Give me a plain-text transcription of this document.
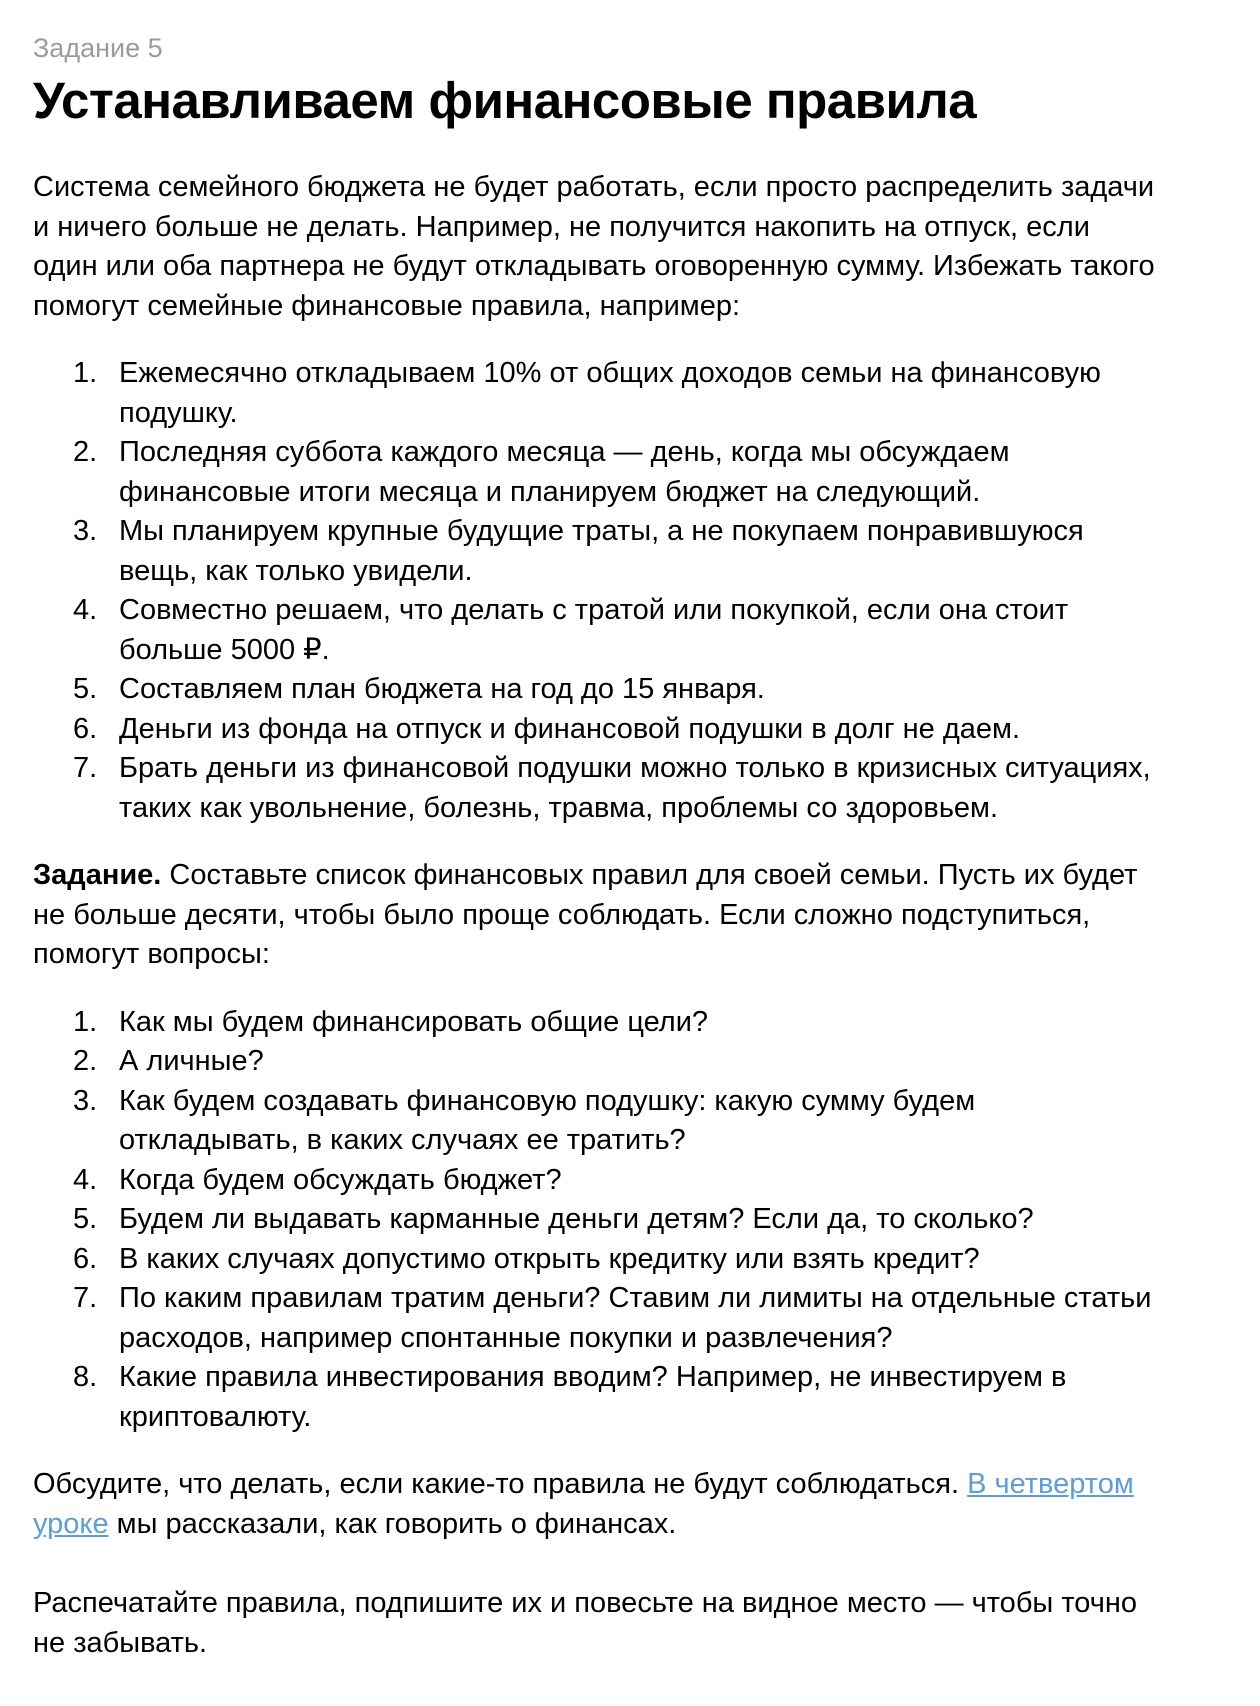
Задание 5
Устанавливаем финансовые правила

Система семейного бюджета не будет работать, если просто распределить задачи и ничего больше не делать. Например, не получится накопить на отпуск, если один или оба партнера не будут откладывать оговоренную сумму. Избежать такого помогут семейные финансовые правила, например:

1. Ежемесячно откладываем 10% от общих доходов семьи на финансовую подушку.
2. Последняя суббота каждого месяца — день, когда мы обсуждаем финансовые итоги месяца и планируем бюджет на следующий.
3. Мы планируем крупные будущие траты, а не покупаем понравившуюся вещь, как только увидели.
4. Совместно решаем, что делать с тратой или покупкой, если она стоит больше 5000 ₽.
5. Составляем план бюджета на год до 15 января.
6. Деньги из фонда на отпуск и финансовой подушки в долг не даем.
7. Брать деньги из финансовой подушки можно только в кризисных ситуациях, таких как увольнение, болезнь, травма, проблемы со здоровьем.

Задание. Составьте список финансовых правил для своей семьи. Пусть их будет не больше десяти, чтобы было проще соблюдать. Если сложно подступиться, помогут вопросы:

1. Как мы будем финансировать общие цели?
2. А личные?
3. Как будем создавать финансовую подушку: какую сумму будем откладывать, в каких случаях ее тратить?
4. Когда будем обсуждать бюджет?
5. Будем ли выдавать карманные деньги детям? Если да, то сколько?
6. В каких случаях допустимо открыть кредитку или взять кредит?
7. По каким правилам тратим деньги? Ставим ли лимиты на отдельные статьи расходов, например спонтанные покупки и развлечения?
8. Какие правила инвестирования вводим? Например, не инвестируем в криптовалюту.

Обсудите, что делать, если какие-то правила не будут соблюдаться. В четвертом уроке мы рассказали, как говорить о финансах.

Распечатайте правила, подпишите их и повесьте на видное место — чтобы точно не забывать.
